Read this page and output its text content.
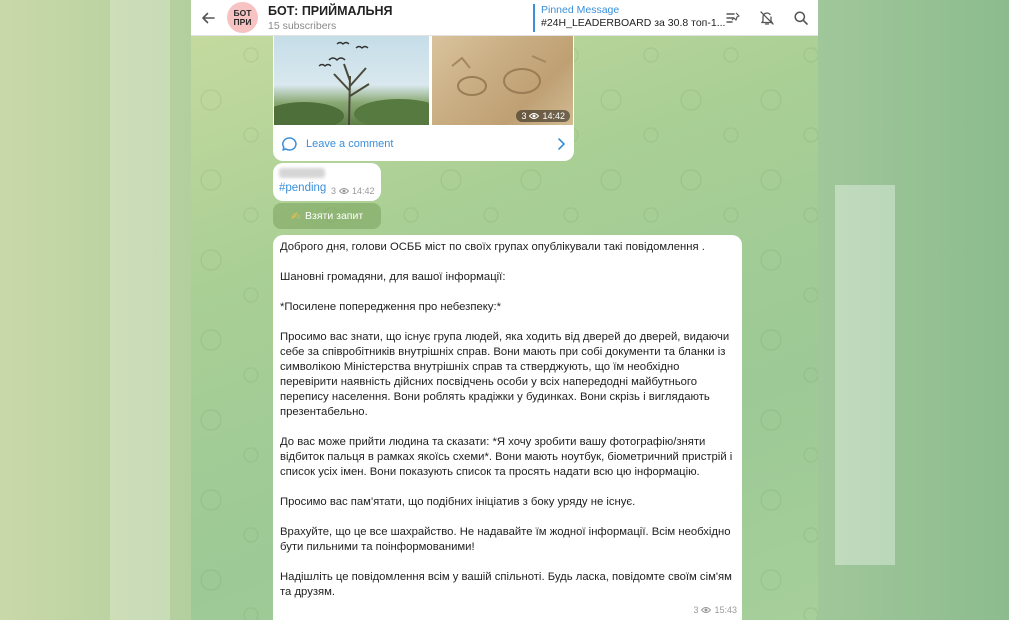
БОТ
ПРИ
БОТ: ПРИЙМАЛЬНЯ
15 subscribers
Pinned Message
#24H_LEADERBOARD за 30.8 топ-1...
3 14:42
Leave a comment
#pending 3 14:42
✍ Взяти запит

Доброго дня, голови ОСББ міст по своїх групах опублікували такі повідомлення .

Шановні громадяни, для вашої інформації:

*Посилене попередження про небезпеку:*

Просимо вас знати, що існує група людей, яка ходить від дверей до дверей, видаючи себе за співробітників внутрішніх справ. Вони мають при собі документи та бланки із символікою Міністерства внутрішніх справ та стверджують, що їм необхідно перевірити наявність дійсних посвідчень особи у всіх напередодні майбутнього перепису населення. Вони роблять крадіжки у будинках. Вони скрізь і виглядають презентабельно.

До вас може прийти людина та сказати: *Я хочу зробити вашу фотографію/зняти відбиток пальця в рамках якоїсь схеми*. Вони мають ноутбук, біометричний пристрій і список усіх імен. Вони показують список та просять надати всю цю інформацію.

Просимо вас пам'ятати, що подібних ініціатив з боку уряду не існує.

Врахуйте, що це все шахрайство. Не надавайте їм жодної інформації. Всім необхідно бути пильними та поінформованими!

Надішліть це повідомлення всім у вашій спільноті. Будь ласка, повідомте своїм сім'ям та друзям.

3 15:43
